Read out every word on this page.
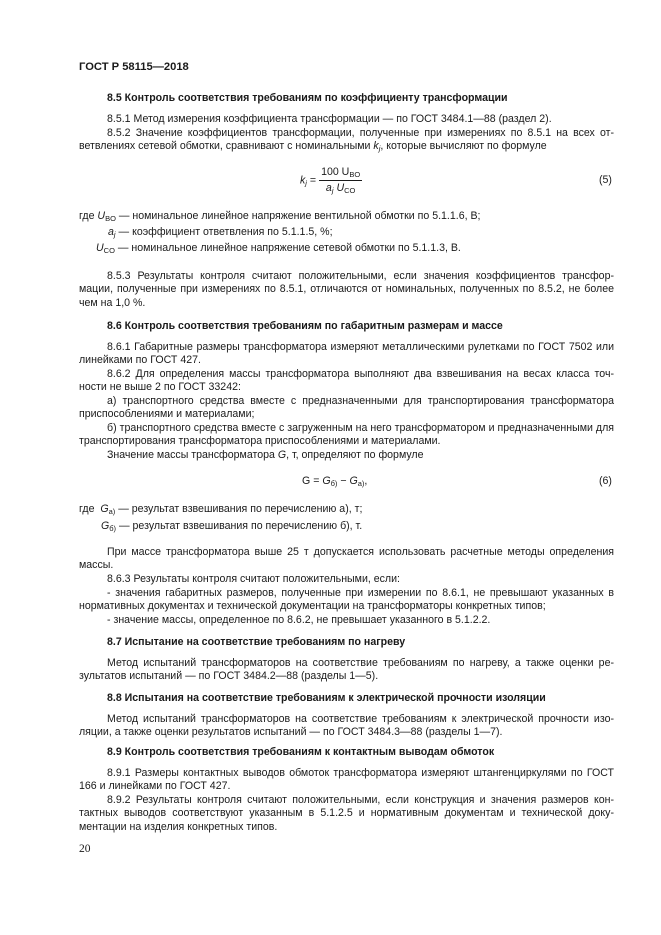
ГОСТ Р 58115—2018
8.5 Контроль соответствия требованиям по коэффициенту трансформации

8.5.1 Метод измерения коэффициента трансформации — по ГОСТ 3484.1—88 (раздел 2).

8.5.2 Значение коэффициентов трансформации, полученные при измерениях по 8.5.1 на всех от-ветвлениях сетевой обмотки, сравнивают с номинальными $k_j$, которые вычисляют по формуле

$k_j = \frac{100 U_{BO}}{a_j U_{CO}}$	(5)
где $U_{BO}$ — номинальное линейное напряжение вентильной обмотки по 5.1.1.6, В;
$a_j$ — коэффициент ответвления по 5.1.1.5, %;
$U_{CO}$ — номинальное линейное напряжение сетевой обмотки по 5.1.1.3, В.

8.5.3 Результаты контроля считают положительными, если значения коэффициентов трансфор-мации, полученные при измерениях по 8.5.1, отличаются от номинальных, полученных по 8.5.2, не более чем на 1,0 %.

8.6 Контроль соответствия требованиям по габаритным размерам и массе

8.6.1 Габаритные размеры трансформатора измеряют металлическими рулетками по ГОСТ 7502 или линейками по ГОСТ 427.

8.6.2 Для определения массы трансформатора выполняют два взвешивания на весах класса точ-ности не выше 2 по ГОСТ 33242:

а) транспортного средства вместе с предназначенными для транспортирования трансформатора приспособлениями и материалами;

б) транспортного средства вместе с загруженным на него трансформатором и предназначенными для транспортирования трансформатора приспособлениями и материалами.

Значение массы трансформатора G, т, определяют по формуле

$G = G_{б)} - G_{а)}$,	(6)
где $G_{а)}$ — результат взвешивания по перечислению а), т;
$G_{б)}$ — результат взвешивания по перечислению б), т.

При массе трансформатора выше 25 т допускается использовать расчетные методы определения массы.

8.6.3 Результаты контроля считают положительными, если:

- значения габаритных размеров, полученные при измерении по 8.6.1, не превышают указанных в нормативных документах и технической документации на трансформаторы конкретных типов;

- значение массы, определенное по 8.6.2, не превышает указанного в 5.1.2.2.

8.7 Испытание на соответствие требованиям по нагреву

Метод испытаний трансформаторов на соответствие требованиям по нагреву, а также оценки ре-зультатов испытаний — по ГОСТ 3484.2—88 (разделы 1—5).

8.8 Испытания на соответствие требованиям к электрической прочности изоляции

Метод испытаний трансформаторов на соответствие требованиям к электрической прочности изо-ляции, а также оценки результатов испытаний — по ГОСТ 3484.3—88 (разделы 1—7).

8.9 Контроль соответствия требованиям к контактным выводам обмоток

8.9.1 Размеры контактных выводов обмоток трансформатора измеряют штангенциркулями по ГОСТ 166 и линейками по ГОСТ 427.

8.9.2 Результаты контроля считают положительными, если конструкция и значения размеров кон-тактных выводов соответствуют указанным в 5.1.2.5 и нормативным документам и технической доку-ментации на изделия конкретных типов.

20
